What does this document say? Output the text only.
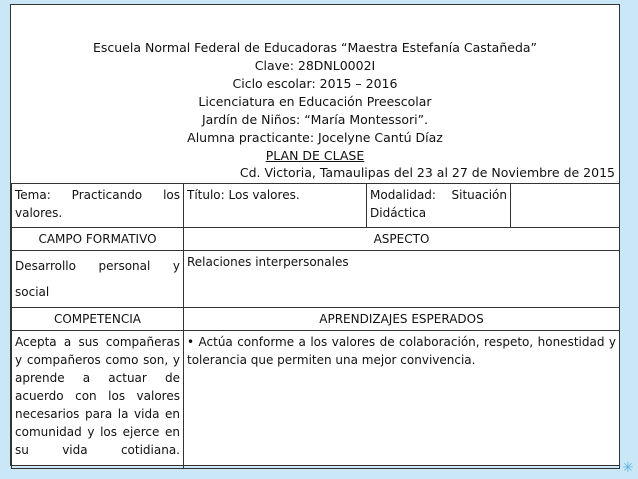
Escuela Normal Federal de Educadoras “Maestra Estefanía Castañeda”
Clave: 28DNL0002I
Ciclo escolar: 2015 – 2016
Licenciatura en Educación Preescolar
Jardín de Niños: “María Montessori”.
Alumna practicante: Jocelyne Cantú Díaz
PLAN DE CLASE
Cd. Victoria, Tamaulipas del 23 al 27 de Noviembre de 2015
Tema: Practicando los valores.	Título: Los valores.	Modalidad: Situación Didáctica	
CAMPO FORMATIVO	ASPECTO		
Desarrollo personal y social	Relaciones interpersonales		
COMPETENCIA	APRENDIZAJES ESPERADOS		
Acepta a sus compañeras y compañeros como son, y aprende a actuar de acuerdo con los valores necesarios para la vida en comunidad y los ejerce en su vida cotidiana.	• Actúa conforme a los valores de colaboración, respeto, honestidad y tolerancia que permiten una mejor convivencia.		
✳
